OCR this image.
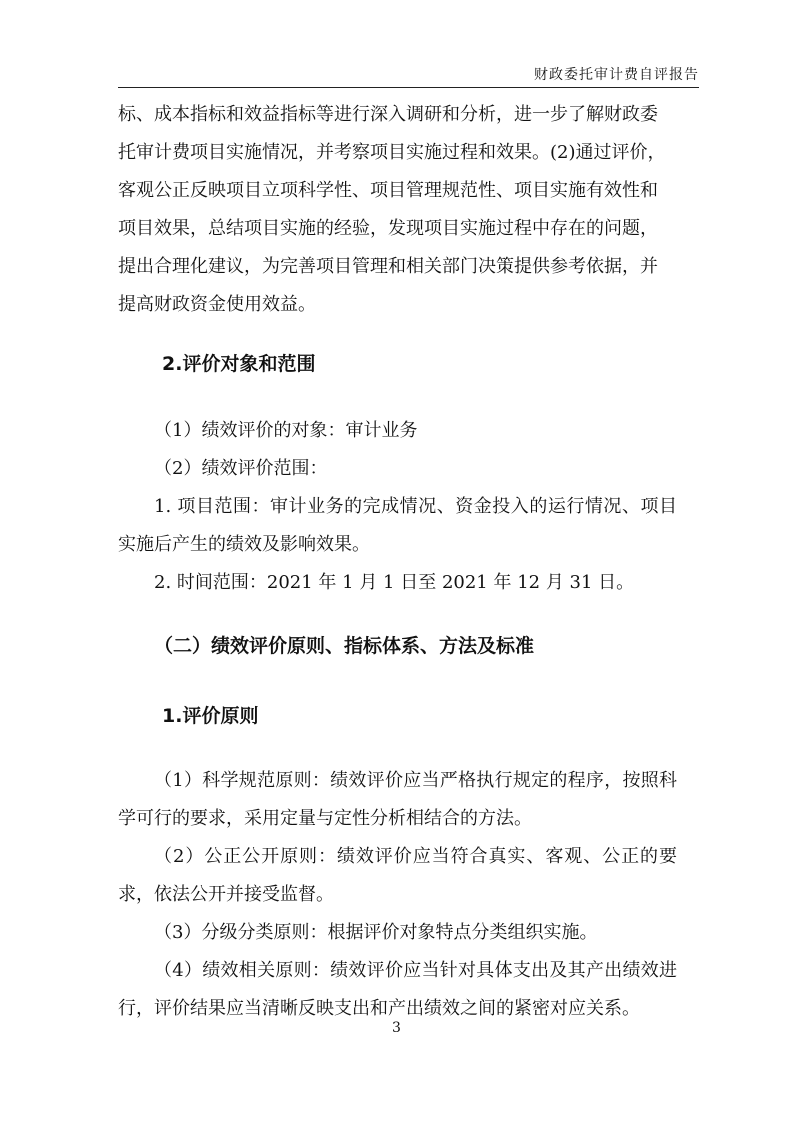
财政委托审计费自评报告

标、成本指标和效益指标等进行深入调研和分析，进一步了解财政委

托审计费项目实施情况，并考察项目实施过程和效果。(2)通过评价，

客观公正反映项目立项科学性、项目管理规范性、项目实施有效性和

项目效果，总结项目实施的经验，发现项目实施过程中存在的问题，

提出合理化建议，为完善项目管理和相关部门决策提供参考依据，并

提高财政资金使用效益。

2.评价对象和范围

（1）绩效评价的对象：审计业务

（2）绩效评价范围：

1. 项目范围：审计业务的完成情况、资金投入的运行情况、项目实施后产生的绩效及影响效果。

2. 时间范围：2021 年 1 月 1 日至 2021 年 12 月 31 日。

（二）绩效评价原则、指标体系、方法及标准
1.评价原则

（1）科学规范原则：绩效评价应当严格执行规定的程序，按照科学可行的要求，采用定量与定性分析相结合的方法。

（2）公正公开原则：绩效评价应当符合真实、客观、公正的要求，依法公开并接受监督。

（3）分级分类原则：根据评价对象特点分类组织实施。

（4）绩效相关原则：绩效评价应当针对具体支出及其产出绩效进行，评价结果应当清晰反映支出和产出绩效之间的紧密对应关系。

3
